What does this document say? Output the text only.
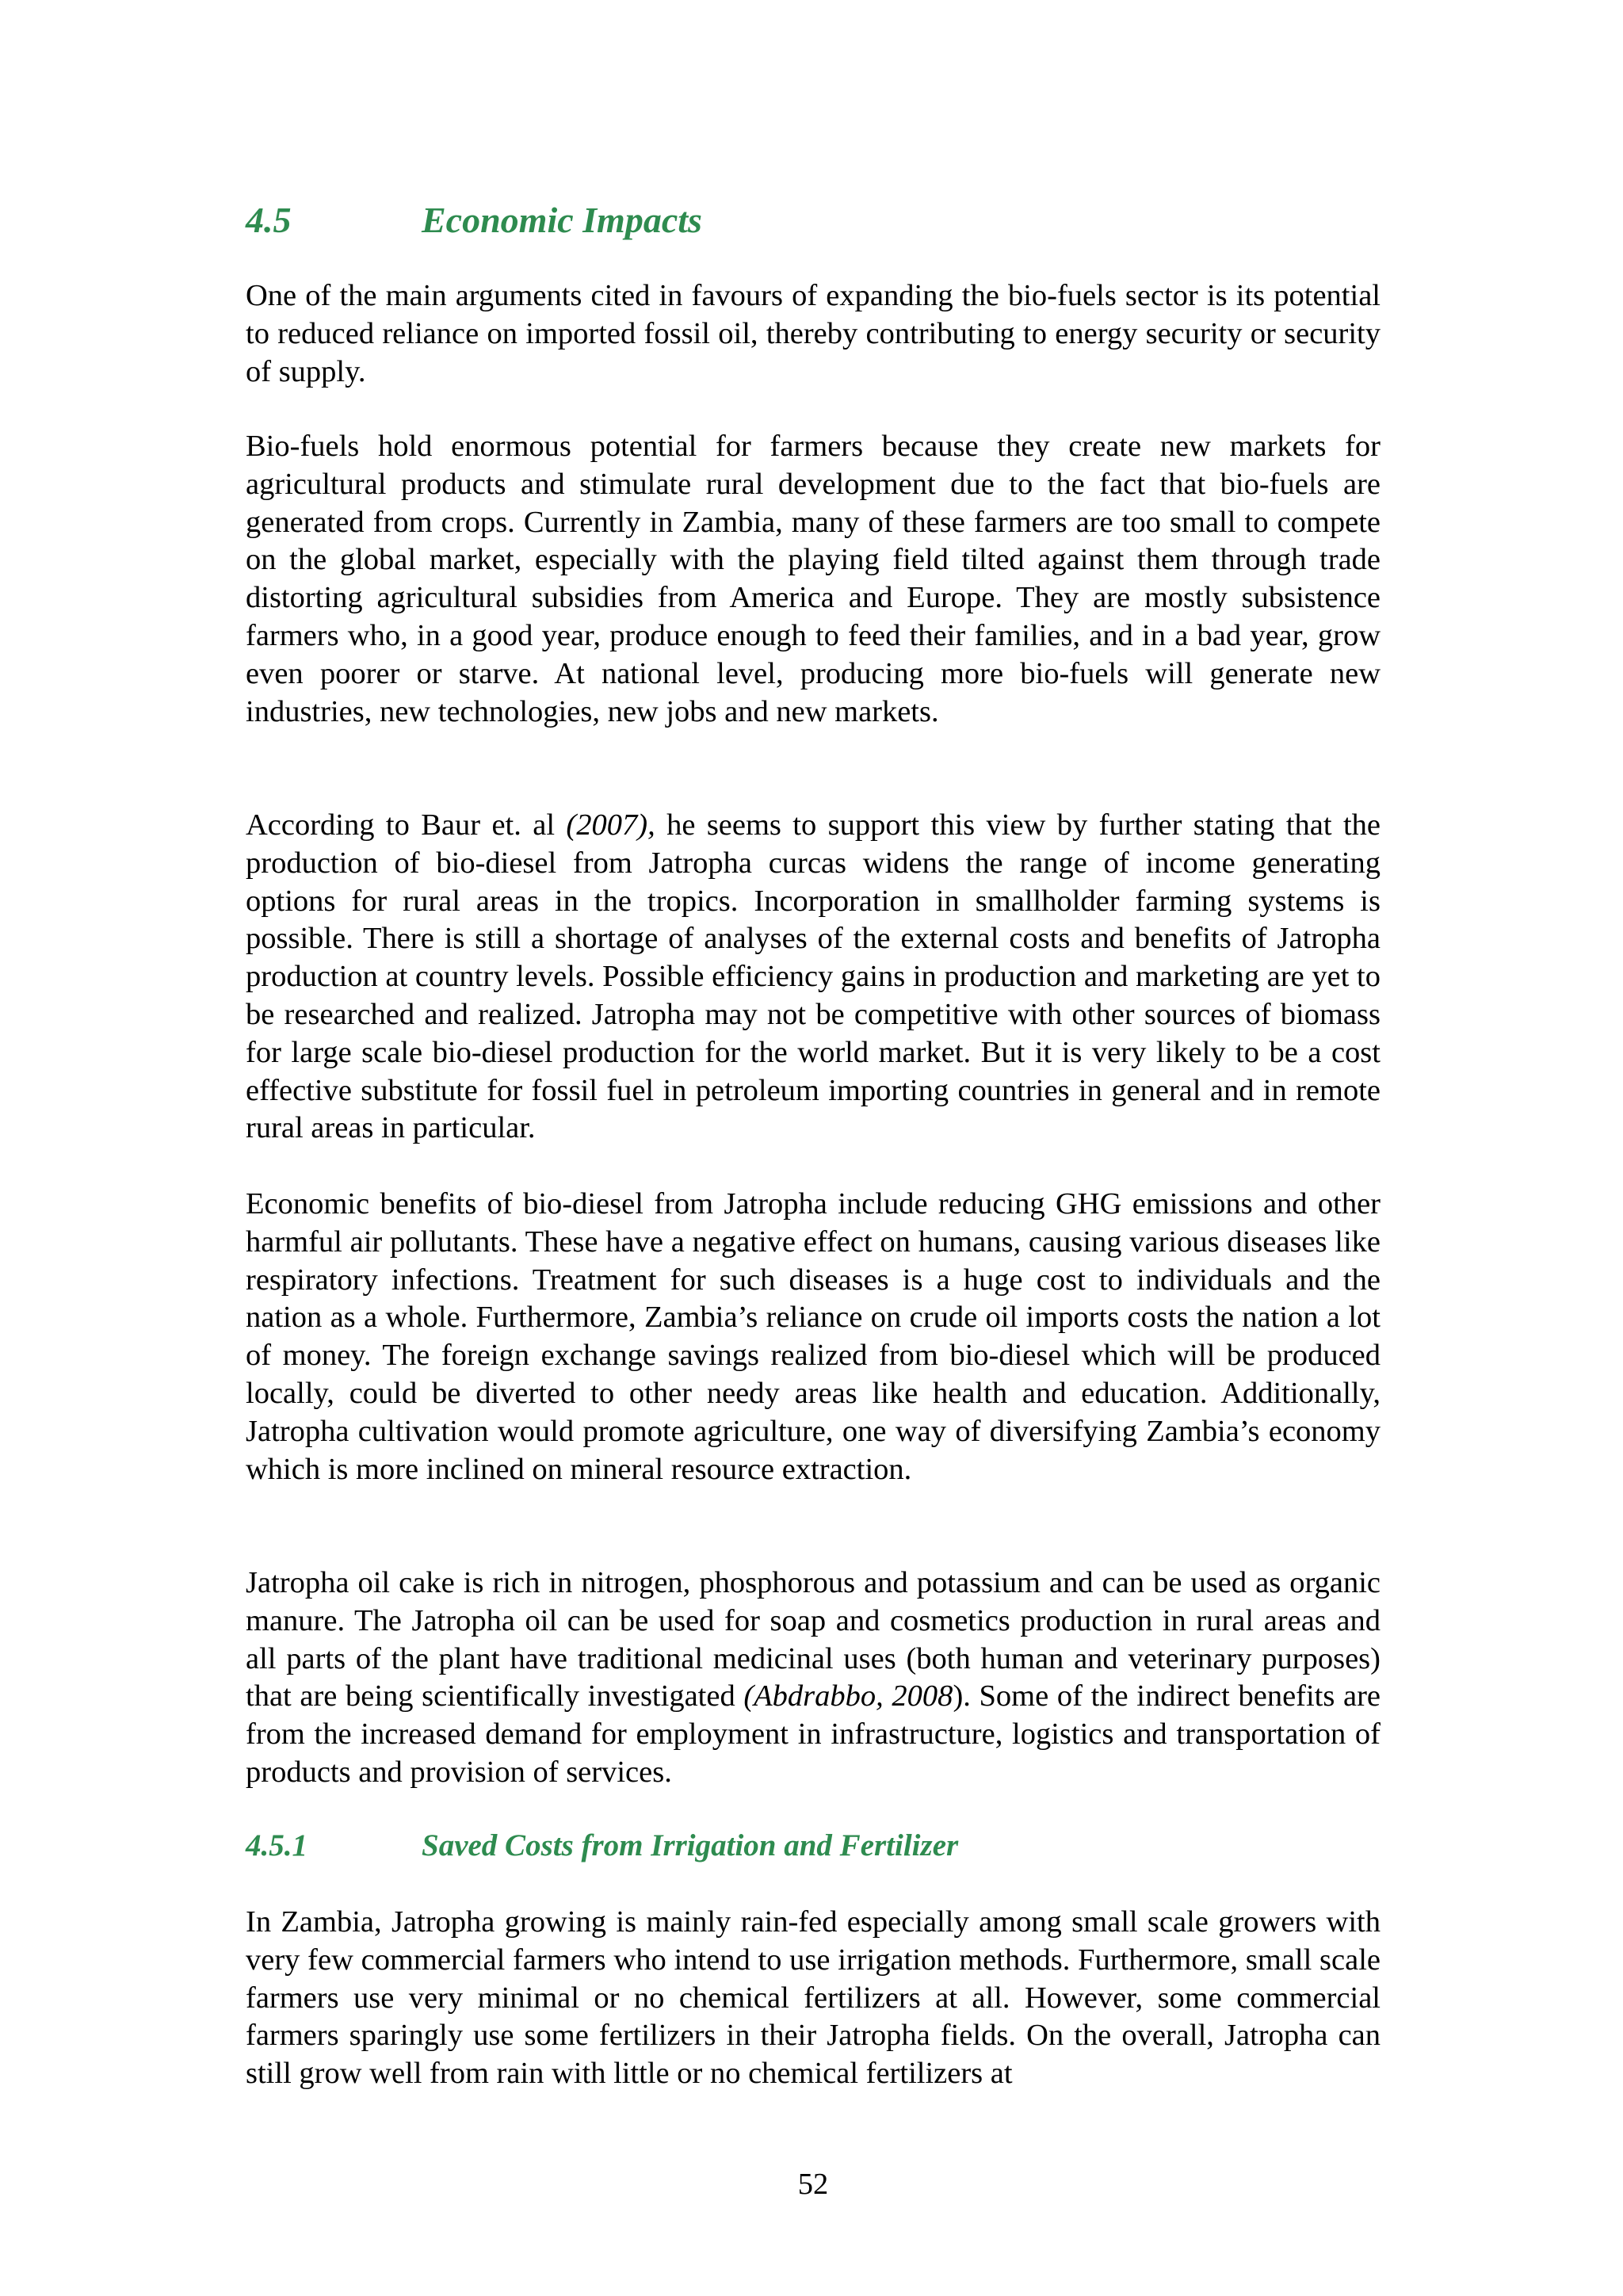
4.5	Economic Impacts

One of the main arguments cited in favours of expanding the bio-fuels sector is its potential to reduced reliance on imported fossil oil, thereby contributing to energy security or security of supply.

Bio-fuels hold enormous potential for farmers because they create new markets for agricultural products and stimulate rural development due to the fact that bio-fuels are generated from crops. Currently in Zambia, many of these farmers are too small to compete on the global market, especially with the playing field tilted against them through trade distorting agricultural subsidies from America and Europe. They are mostly subsistence farmers who, in a good year, produce enough to feed their families, and in a bad year, grow even poorer or starve. At national level, producing more bio-fuels will generate new industries, new technologies, new jobs and new markets.

According to Baur et. al (2007), he seems to support this view by further stating that the production of bio-diesel from Jatropha curcas widens the range of income generating options for rural areas in the tropics. Incorporation in smallholder farming systems is possible. There is still a shortage of analyses of the external costs and benefits of Jatropha production at country levels. Possible efficiency gains in production and marketing are yet to be researched and realized. Jatropha may not be competitive with other sources of biomass for large scale bio-diesel production for the world market. But it is very likely to be a cost effective substitute for fossil fuel in petroleum importing countries in general and in remote rural areas in particular.

Economic benefits of bio-diesel from Jatropha include reducing GHG emissions and other harmful air pollutants. These have a negative effect on humans, causing various diseases like respiratory infections. Treatment for such diseases is a huge cost to individuals and the nation as a whole. Furthermore, Zambia’s reliance on crude oil imports costs the nation a lot of money. The foreign exchange savings realized from bio-diesel which will be produced locally, could be diverted to other needy areas like health and education. Additionally, Jatropha cultivation would promote agriculture, one way of diversifying Zambia’s economy which is more inclined on mineral resource extraction.

Jatropha oil cake is rich in nitrogen, phosphorous and potassium and can be used as organic manure. The Jatropha oil can be used for soap and cosmetics production in rural areas and all parts of the plant have traditional medicinal uses (both human and veterinary purposes) that are being scientifically investigated (Abdrabbo, 2008). Some of the indirect benefits are from the increased demand for employment in infrastructure, logistics and transportation of products and provision of services.

4.5.1	Saved Costs from Irrigation and Fertilizer

In Zambia, Jatropha growing is mainly rain-fed especially among small scale growers with very few commercial farmers who intend to use irrigation methods. Furthermore, small scale farmers use very minimal or no chemical fertilizers at all. However, some commercial farmers sparingly use some fertilizers in their Jatropha fields. On the overall, Jatropha can still grow well from rain with little or no chemical fertilizers at

52
